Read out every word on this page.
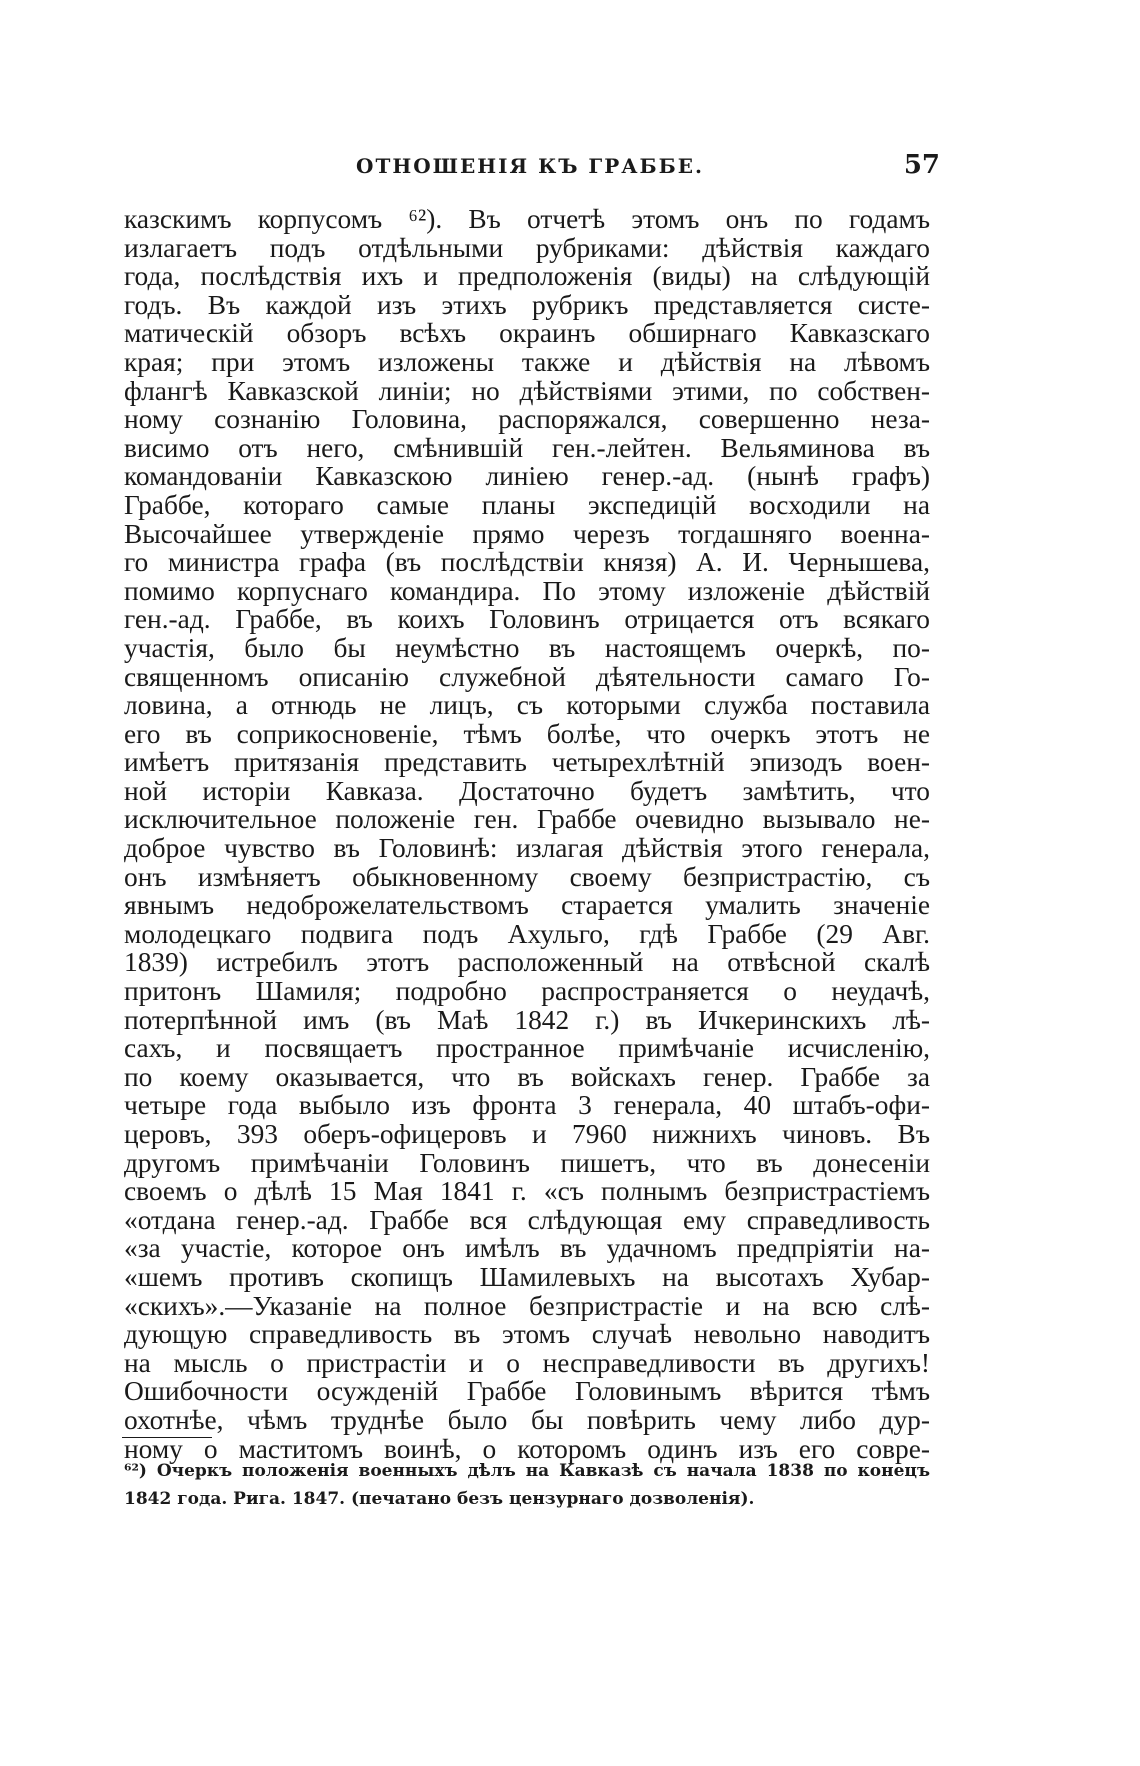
ОТНОШЕНІЯ КЪ ГРАББЕ.	57
казскимъ корпусомъ ⁶²). Въ отчетѣ этомъ онъ по годамъ
излагаетъ подъ отдѣльными рубриками: дѣйствія каждаго
года, послѣдствія ихъ и предположенія (виды) на слѣдующій
годъ. Въ каждой изъ этихъ рубрикъ представляется систе-
матическій обзоръ всѣхъ окраинъ обширнаго Кавказскаго
края; при этомъ изложены также и дѣйствія на лѣвомъ
флангѣ Кавказской линіи; но дѣйствіями этими, по собствен-
ному сознанію Головина, распоряжался, совершенно неза-
висимо отъ него, смѣнившій ген.-лейтен. Вельяминова въ
командованіи Кавказскою линіею генер.-ад. (нынѣ графъ)
Граббе, котораго самые планы экспедицій восходили на
Высочайшее утвержденіе прямо черезъ тогдашняго военна-
го министра графа (въ послѣдствіи князя) А. И. Чернышева,
помимо корпуснаго командира. По этому изложеніе дѣйствій
ген.-ад. Граббе, въ коихъ Головинъ отрицается отъ всякаго
участія, было бы неумѣстно въ настоящемъ очеркѣ, по-
священномъ описанію служебной дѣятельности самаго Го-
ловина, а отнюдь не лицъ, съ которыми служба поставила
его въ соприкосновеніе, тѣмъ болѣе, что очеркъ этотъ не
имѣетъ притязанія представить четырехлѣтній эпизодъ воен-
ной исторіи Кавказа. Достаточно будетъ замѣтить, что
исключительное положеніе ген. Граббе очевидно вызывало не-
доброе чувство въ Головинѣ: излагая дѣйствія этого генерала,
онъ измѣняетъ обыкновенному своему безпристрастію, съ
явнымъ недоброжелательствомъ старается умалить значеніе
молодецкаго подвига подъ Ахульго, гдѣ Граббе (29 Авг.
1839) истребилъ этотъ расположенный на отвѣсной скалѣ
притонъ Шамиля; подробно распространяется о неудачѣ,
потерпѣнной имъ (въ Маѣ 1842 г.) въ Ичкеринскихъ лѣ-
сахъ, и посвящаетъ пространное примѣчаніе исчисленію,
по коему оказывается, что въ войскахъ генер. Граббе за
четыре года выбыло изъ фронта 3 генерала, 40 штабъ-офи-
церовъ, 393 оберъ-офицеровъ и 7960 нижнихъ чиновъ. Въ
другомъ примѣчаніи Головинъ пишетъ, что въ донесеніи
своемъ о дѣлѣ 15 Мая 1841 г. «съ полнымъ безпристрастіемъ
«отдана генер.-ад. Граббе вся слѣдующая ему справедливость
«за участіе, которое онъ имѣлъ въ удачномъ предпріятіи на-
«шемъ противъ скопищъ Шамилевыхъ на высотахъ Хубар-
«скихъ».—Указаніе на полное безпристрастіе и на всю слѣ-
дующую справедливость въ этомъ случаѣ невольно наводитъ
на мысль о пристрастіи и о несправедливости въ другихъ!
Ошибочности осужденій Граббе Головинымъ вѣрится тѣмъ
охотнѣе, чѣмъ труднѣе было бы повѣрить чему либо дур-
ному о маститомъ воинѣ, о которомъ одинъ изъ его совре-
⁶²) Очеркъ положенія военныхъ дѣлъ на Кавказѣ съ начала 1838 по конецъ
1842 года. Рига. 1847. (печатано безъ цензурнаго дозволенія).
